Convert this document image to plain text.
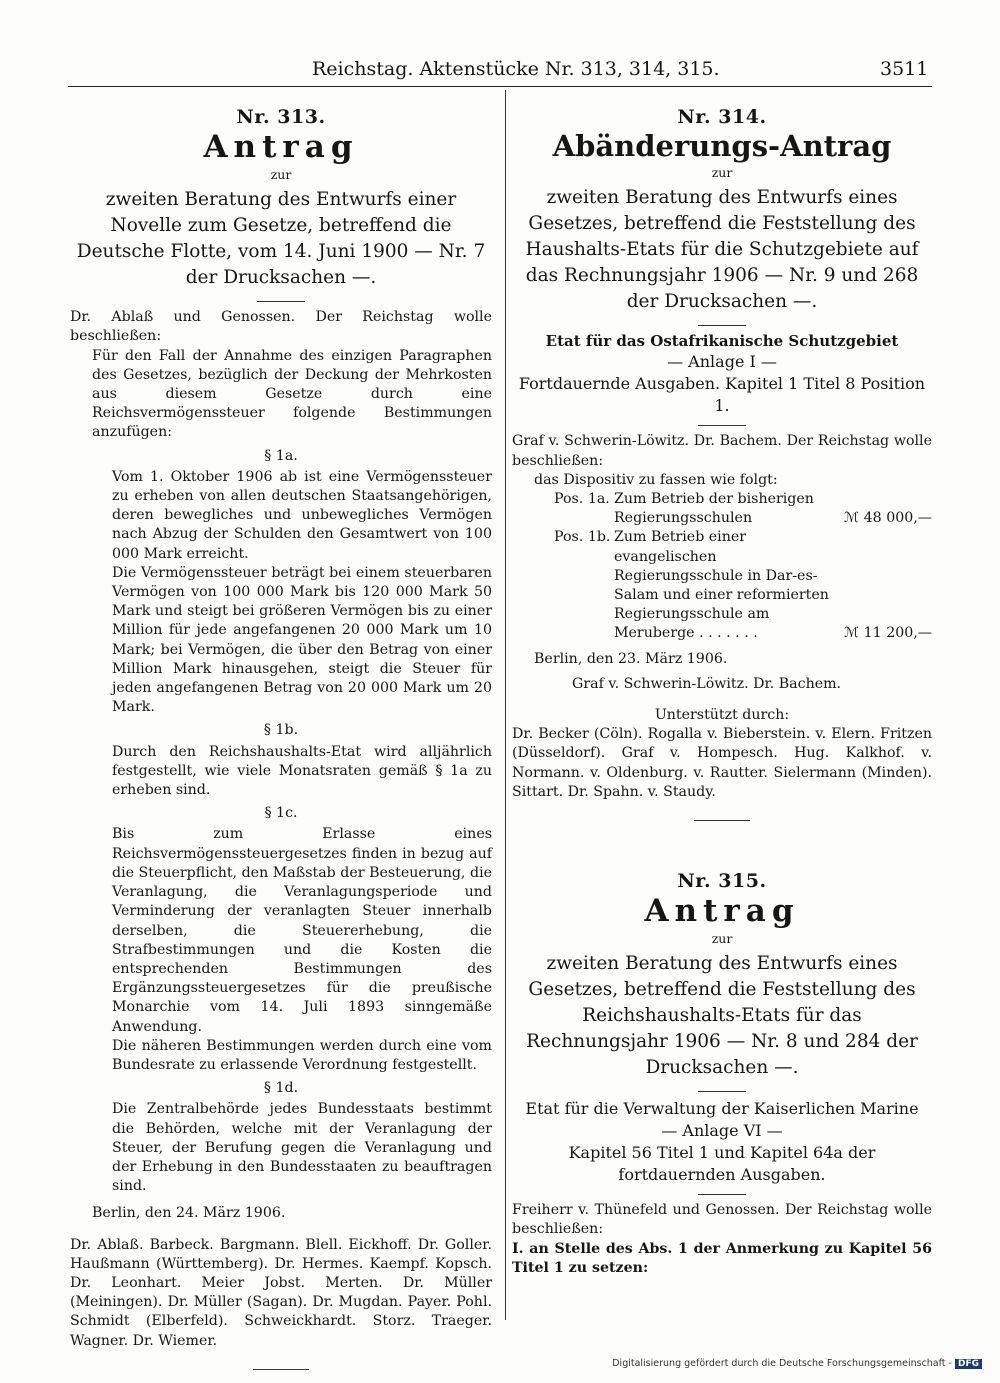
Reichstag. Aktenstücke Nr. 313, 314, 315.	3511
Nr. 313.
Antrag
zur
zweiten Beratung des Entwurfs einer Novelle zum Gesetze, betreffend die Deutsche Flotte, vom 14. Juni 1900 — Nr. 7 der Drucksachen —.

Dr. Ablaß und Genossen. Der Reichstag wolle beschließen:

Für den Fall der Annahme des einzigen Paragraphen des Gesetzes, bezüglich der Deckung der Mehrkosten aus diesem Gesetze durch eine Reichsvermögenssteuer folgende Bestimmungen anzufügen:

§ 1a.

Vom 1. Oktober 1906 ab ist eine Vermögenssteuer zu erheben von allen deutschen Staatsangehörigen, deren bewegliches und unbewegliches Vermögen nach Abzug der Schulden den Gesamtwert von 100 000 Mark erreicht.

Die Vermögenssteuer beträgt bei einem steuerbaren Vermögen von 100 000 Mark bis 120 000 Mark 50 Mark und steigt bei größeren Vermögen bis zu einer Million für jede angefangenen 20 000 Mark um 10 Mark; bei Vermögen, die über den Betrag von einer Million Mark hinausgehen, steigt die Steuer für jeden angefangenen Betrag von 20 000 Mark um 20 Mark.

§ 1b.

Durch den Reichshaushalts-Etat wird alljährlich festgestellt, wie viele Monatsraten gemäß § 1a zu erheben sind.

§ 1c.

Bis zum Erlasse eines Reichsvermögenssteuergesetzes finden in bezug auf die Steuerpflicht, den Maßstab der Besteuerung, die Veranlagung, die Veranlagungsperiode und Verminderung der veranlagten Steuer innerhalb derselben, die Steuererhebung, die Strafbestimmungen und die Kosten die entsprechenden Bestimmungen des Ergänzungssteuergesetzes für die preußische Monarchie vom 14. Juli 1893 sinngemäße Anwendung.

Die näheren Bestimmungen werden durch eine vom Bundesrate zu erlassende Verordnung festgestellt.

§ 1d.

Die Zentralbehörde jedes Bundesstaats bestimmt die Behörden, welche mit der Veranlagung der Steuer, der Berufung gegen die Veranlagung und der Erhebung in den Bundesstaaten zu beauftragen sind.

Berlin, den 24. März 1906.

Dr. Ablaß. Barbeck. Bargmann. Blell. Eickhoff. Dr. Goller. Haußmann (Württemberg). Dr. Hermes. Kaempf. Kopsch. Dr. Leonhart. Meier Jobst. Merten. Dr. Müller (Meiningen). Dr. Müller (Sagan). Dr. Mugdan. Payer. Pohl. Schmidt (Elberfeld). Schweickhardt. Storz. Traeger. Wagner. Dr. Wiemer.

Nr. 314.
Abänderungs-Antrag
zur
zweiten Beratung des Entwurfs eines Gesetzes, betreffend die Feststellung des Haushalts-Etats für die Schutzgebiete auf das Rechnungsjahr 1906 — Nr. 9 und 268 der Drucksachen —.
Etat für das Ostafrikanische Schutzgebiet
— Anlage I —
Fortdauernde Ausgaben. Kapitel 1 Titel 8 Position 1.

Graf v. Schwerin-Löwitz. Dr. Bachem. Der Reichstag wolle beschließen:

das Dispositiv zu fassen wie folgt:

Pos. 1a. Zum Betrieb der bisherigen Regierungsschulen	ℳ 48 000,—
Pos. 1b. Zum Betrieb einer evangelischen Regierungsschule in Dar-es-Salam und einer reformierten Regierungsschule am Meruberge . . . . . . .	ℳ 11 200,—

Berlin, den 23. März 1906.

Graf v. Schwerin-Löwitz. Dr. Bachem.

Unterstützt durch:

Dr. Becker (Cöln). Rogalla v. Bieberstein. v. Elern. Fritzen (Düsseldorf). Graf v. Hompesch. Hug. Kalkhof. v. Normann. v. Oldenburg. v. Rautter. Sielermann (Minden). Sittart. Dr. Spahn. v. Staudy.

Nr. 315.
Antrag
zur
zweiten Beratung des Entwurfs eines Gesetzes, betreffend die Feststellung des Reichshaushalts-Etats für das Rechnungsjahr 1906 — Nr. 8 und 284 der Drucksachen —.
Etat für die Verwaltung der Kaiserlichen Marine
— Anlage VI —
Kapitel 56 Titel 1 und Kapitel 64a der fortdauernden Ausgaben.

Freiherr v. Thünefeld und Genossen. Der Reichstag wolle beschließen:

I. an Stelle des Abs. 1 der Anmerkung zu Kapitel 56 Titel 1 zu setzen:

Digitalisierung gefördert durch die Deutsche Forschungsgemeinschaft - DFG
